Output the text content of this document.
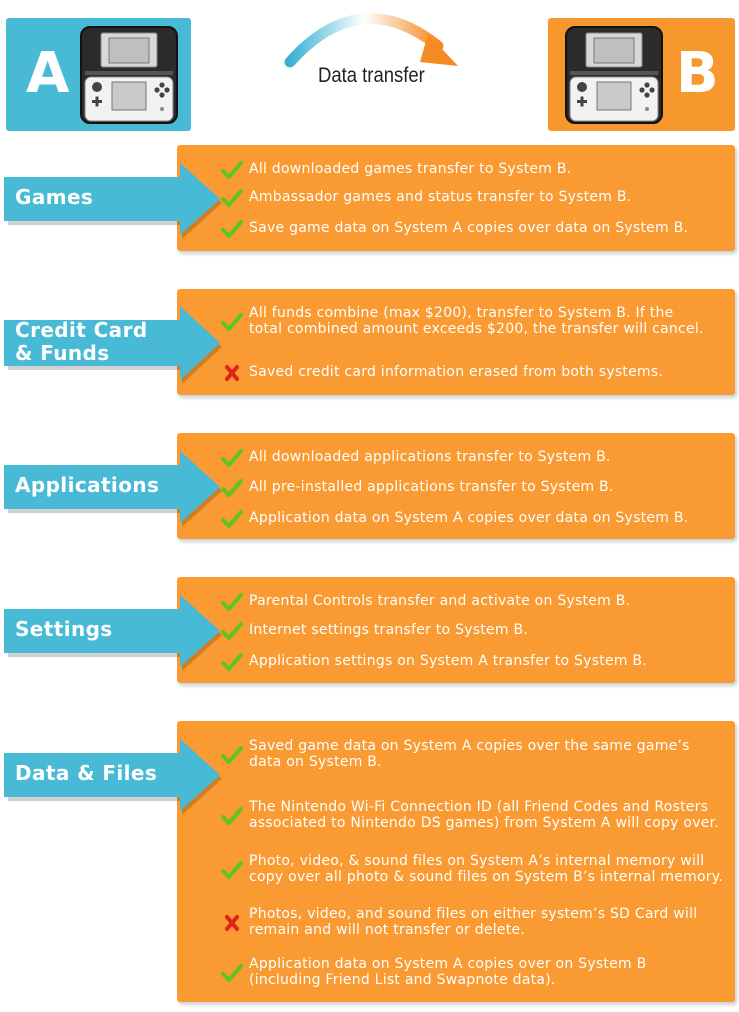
A	Data transfer	B
All downloaded games transfer to System B.
Ambassador games and status transfer to System B.
Save game data on System A copies over data on System B.
Games
All funds combine (max $200), transfer to System B. If the
total combined amount exceeds $200, the transfer will cancel.
Saved credit card information erased from both systems.
Credit Card
& Funds
All downloaded applications transfer to System B.
All pre-installed applications transfer to System B.
Application data on System A copies over data on System B.
Applications
Parental Controls transfer and activate on System B.
Internet settings transfer to System B.
Application settings on System A transfer to System B.
Settings
Saved game data on System A copies over the same game’s
data on System B.
The Nintendo Wi-Fi Connection ID (all Friend Codes and Rosters
associated to Nintendo DS games) from System A will copy over.
Photo, video, & sound files on System A’s internal memory will
copy over all photo & sound files on System B’s internal memory.
Photos, video, and sound files on either system’s SD Card will
remain and will not transfer or delete.
Application data on System A copies over on System B
(including Friend List and Swapnote data).
Data & Files
